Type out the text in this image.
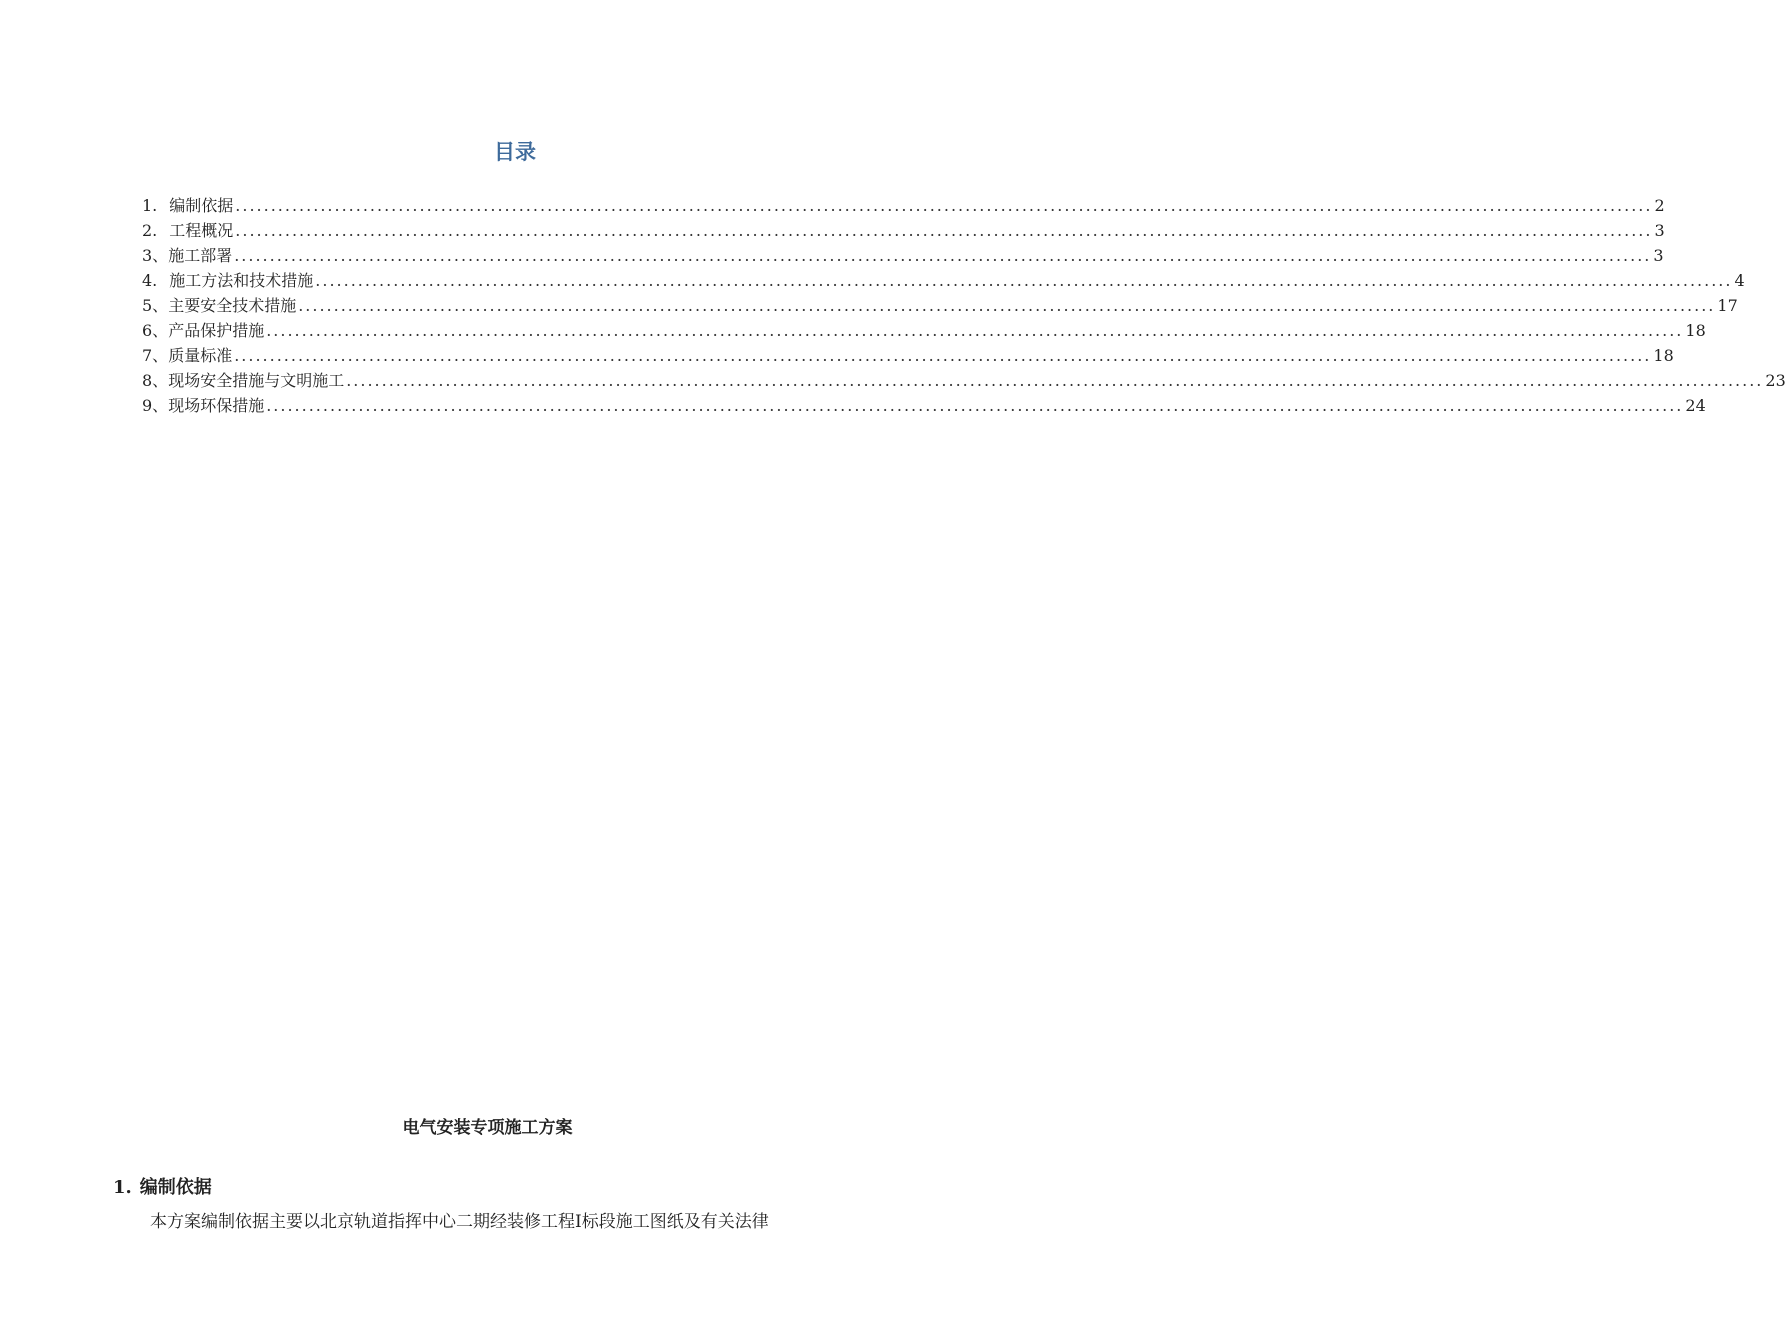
目录
1. 编制依据 ........................................................................................................................................................................................................ 2
2. 工程概况 ........................................................................................................................................................................................................ 3
3、 施工部署 ........................................................................................................................................................................................................ 3
4. 施工方法和技术措施 ........................................................................................................................................................................................................ 4
5、 主要安全技术措施 ........................................................................................................................................................................................................ 17
6、 产品保护措施 ........................................................................................................................................................................................................ 18
7、 质量标准 ........................................................................................................................................................................................................ 18
8、 现场安全措施与文明施工 ........................................................................................................................................................................................................ 23
9、 现场环保措施 ........................................................................................................................................................................................................ 24
电气安装专项施工方案
1. 编制依据
本方案编制依据主要以北京轨道指挥中心二期经装修工程Ⅰ标段施工图纸及有关法律
